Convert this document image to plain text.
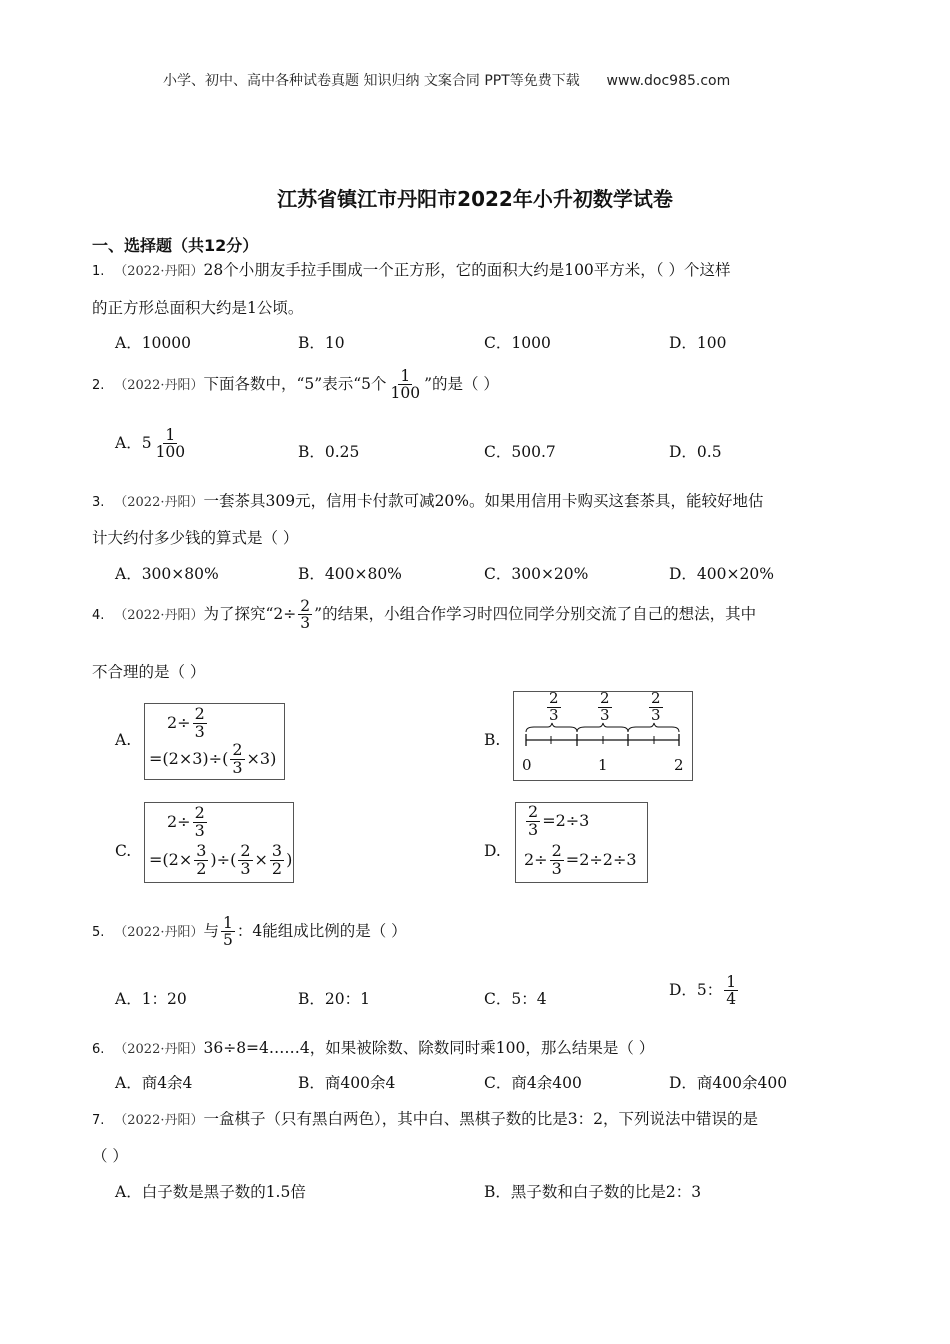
小学、初中、高中各种试卷真题 知识归纳 文案合同 PPT等免费下载 www.doc985.com
江苏省镇江市丹阳市2022年小升初数学试卷
一、选择题（共12分）
1. （2022·丹阳）28个小朋友手拉手围成一个正方形，它的面积大约是100平方米，（ ）个这样
的正方形总面积大约是1公顷。
A．10000	B．10	C．1000	D．100
2. （2022·丹阳）下面各数中，“5”表示“5个 $\frac{1}{100}$ ”的是（ ）
A．$5 \frac{1}{100}$	B．0.25	C．500.7	D．0.5
3. （2022·丹阳）一套茶具309元，信用卡付款可减20%。如果用信用卡购买这套茶具，能较好地估
计大约付多少钱的算式是（ ）
A．300×80%	B．400×80%	C．300×20%	D．400×20%
4. （2022·丹阳）为了探究“$2\div \frac{2}{3}$ ”的结果，小组合作学习时四位同学分别交流了自己的想法，其中
不合理的是（ ）
A.	B.
C.	D.
$2\div \frac{2}{3}$
$=(2\times 3)\div( \frac{2}{3} \times 3)$
$\frac{2}{3} \frac{2}{3} \frac{2}{3}$
0	1	2
$2\div \frac{2}{3}$
$=(2\times \frac{3}{2}$ )÷( $\frac{2}{3} \times \frac{3}{2}$ )
$\frac{2}{3} =2\div 3$
$2\div \frac{2}{3} =2\div 2\div 3$
5. （2022·丹阳）与 $\frac{1}{5}$ ：4能组成比例的是（ ）
A．1：20	B．20：1	C．5：4
D．5： $\frac{1}{4}$
6. （2022·丹阳）36÷8=4……4，如果被除数、除数同时乘100，那么结果是（ ）
A．商4余4	B．商400余4	C．商4余400	D．商400余400
7. （2022·丹阳）一盒棋子（只有黑白两色），其中白、黑棋子数的比是3：2，下列说法中错误的是
（ ）
A．白子数是黑子数的1.5倍	B．黑子数和白子数的比是2：3
